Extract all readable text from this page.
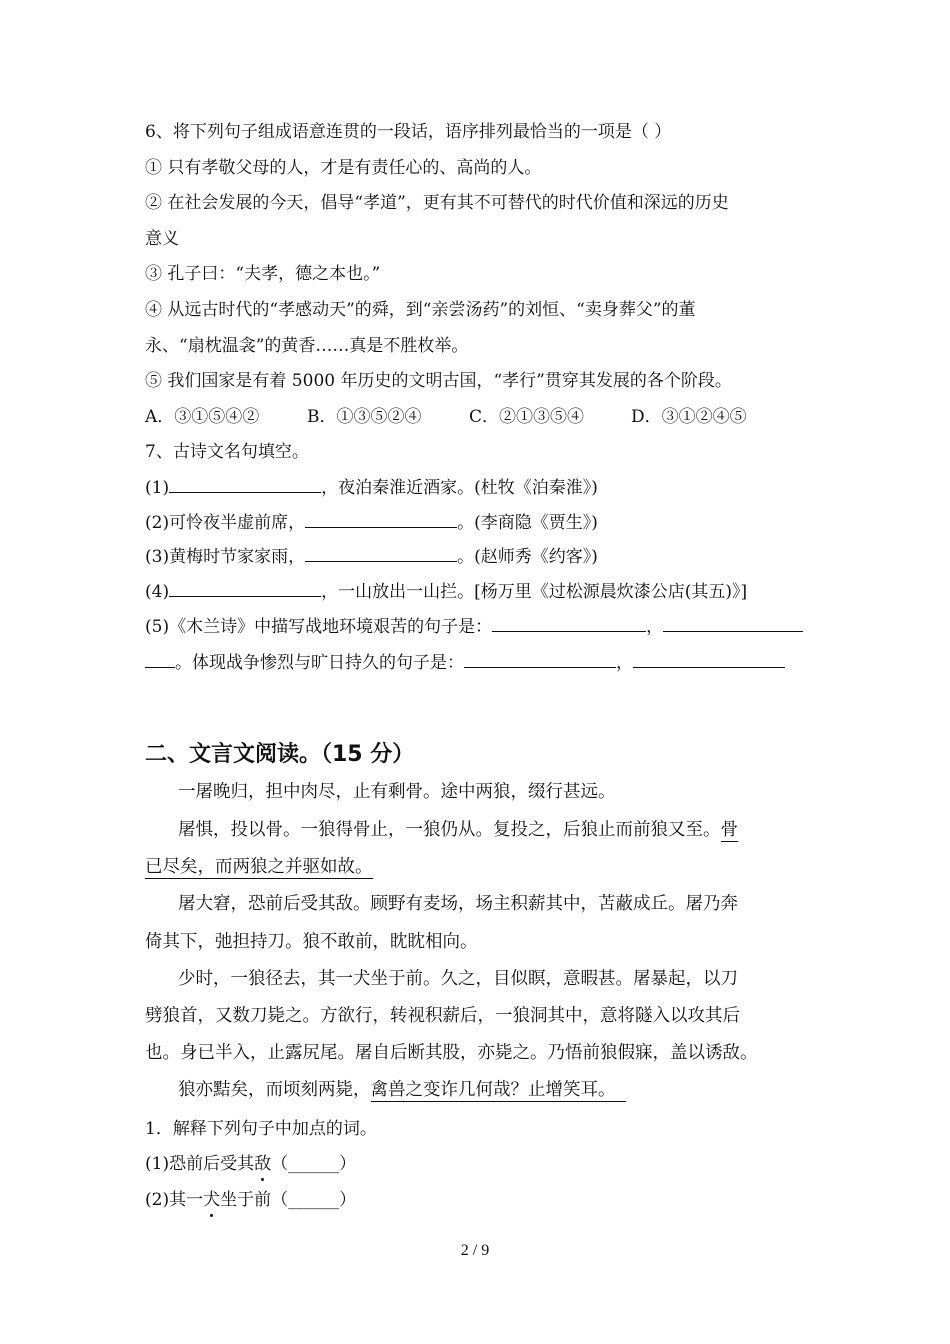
6、将下列句子组成语意连贯的一段话，语序排列最恰当的一项是（ ）
① 只有孝敬父母的人，才是有责任心的、高尚的人。
② 在社会发展的今天，倡导“孝道”，更有其不可替代的时代价值和深远的历史
意义
③ 孔子曰：“夫孝，德之本也。”
④ 从远古时代的“孝感动天”的舜，到“亲尝汤药”的刘恒、“卖身葬父”的董
永、“扇枕温衾”的黄香……真是不胜枚举。
⑤ 我们国家是有着 5000 年历史的文明古国，“孝行”贯穿其发展的各个阶段。
A．③①⑤④②	B．①③⑤②④	C．②①③⑤④	D．③①②④⑤
7、古诗文名句填空。
(1)	，夜泊秦淮近酒家。(杜牧《泊秦淮》)
(2)可怜夜半虚前席，	。(李商隐《贾生》)
(3)黄梅时节家家雨，	。(赵师秀《约客》)
(4)	，一山放出一山拦。[杨万里《过松源晨炊漆公店(其五)》]
(5)《木兰诗》中描写战地环境艰苦的句子是：	，
。体现战争惨烈与旷日持久的句子是：	，
二、文言文阅读。（15 分）
一屠晚归，担中肉尽，止有剩骨。途中两狼，缀行甚远。
屠惧，投以骨。一狼得骨止，一狼仍从。复投之，后狼止而前狼又至。骨
已尽矣，而两狼之并驱如故。
屠大窘，恐前后受其敌。顾野有麦场，场主积薪其中，苫蔽成丘。屠乃奔
倚其下，弛担持刀。狼不敢前，眈眈相向。
少时，一狼径去，其一犬坐于前。久之，目似瞑，意暇甚。屠暴起，以刀
劈狼首，又数刀毙之。方欲行，转视积薪后，一狼洞其中，意将隧入以攻其后
也。身已半入，止露尻尾。屠自后断其股，亦毙之。乃悟前狼假寐，盖以诱敌。
狼亦黠矣，而顷刻两毙，禽兽之变诈几何哉？止增笑耳。
1．解释下列句子中加点的词。
(1)恐前后受其敌（______）
(2)其一犬坐于前（______）
2 / 9
